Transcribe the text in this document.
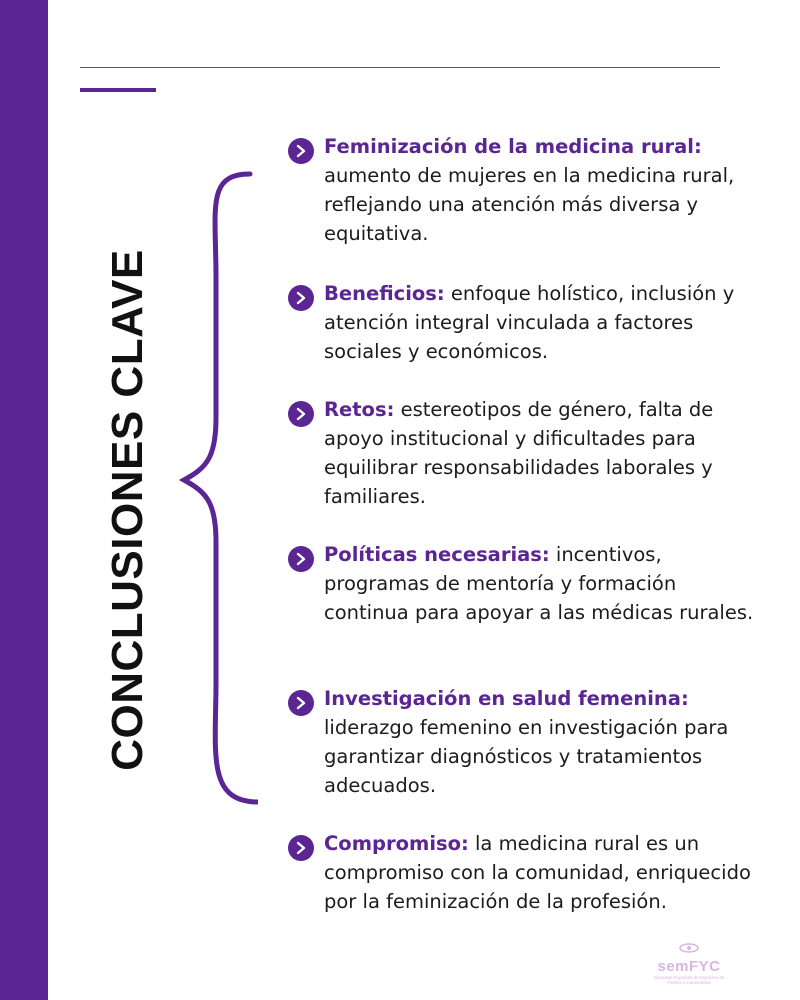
CONCLUSIONES CLAVE
Feminización de la medicina rural: aumento de mujeres en la medicina rural, reflejando una atención más diversa y equitativa.
Beneficios: enfoque holístico, inclusión y atención integral vinculada a factores sociales y económicos.
Retos: estereotipos de género, falta de apoyo institucional y dificultades para equilibrar responsabilidades laborales y familiares.
Políticas necesarias: incentivos, programas de mentoría y formación continua para apoyar a las médicas rurales.
Investigación en salud femenina: liderazgo femenino en investigación para garantizar diagnósticos y tratamientos adecuados.
Compromiso: la medicina rural es un compromiso con la comunidad, enriquecido por la feminización de la profesión.
semFYC
Sociedad Española de Medicina de Familia y Comunitaria
